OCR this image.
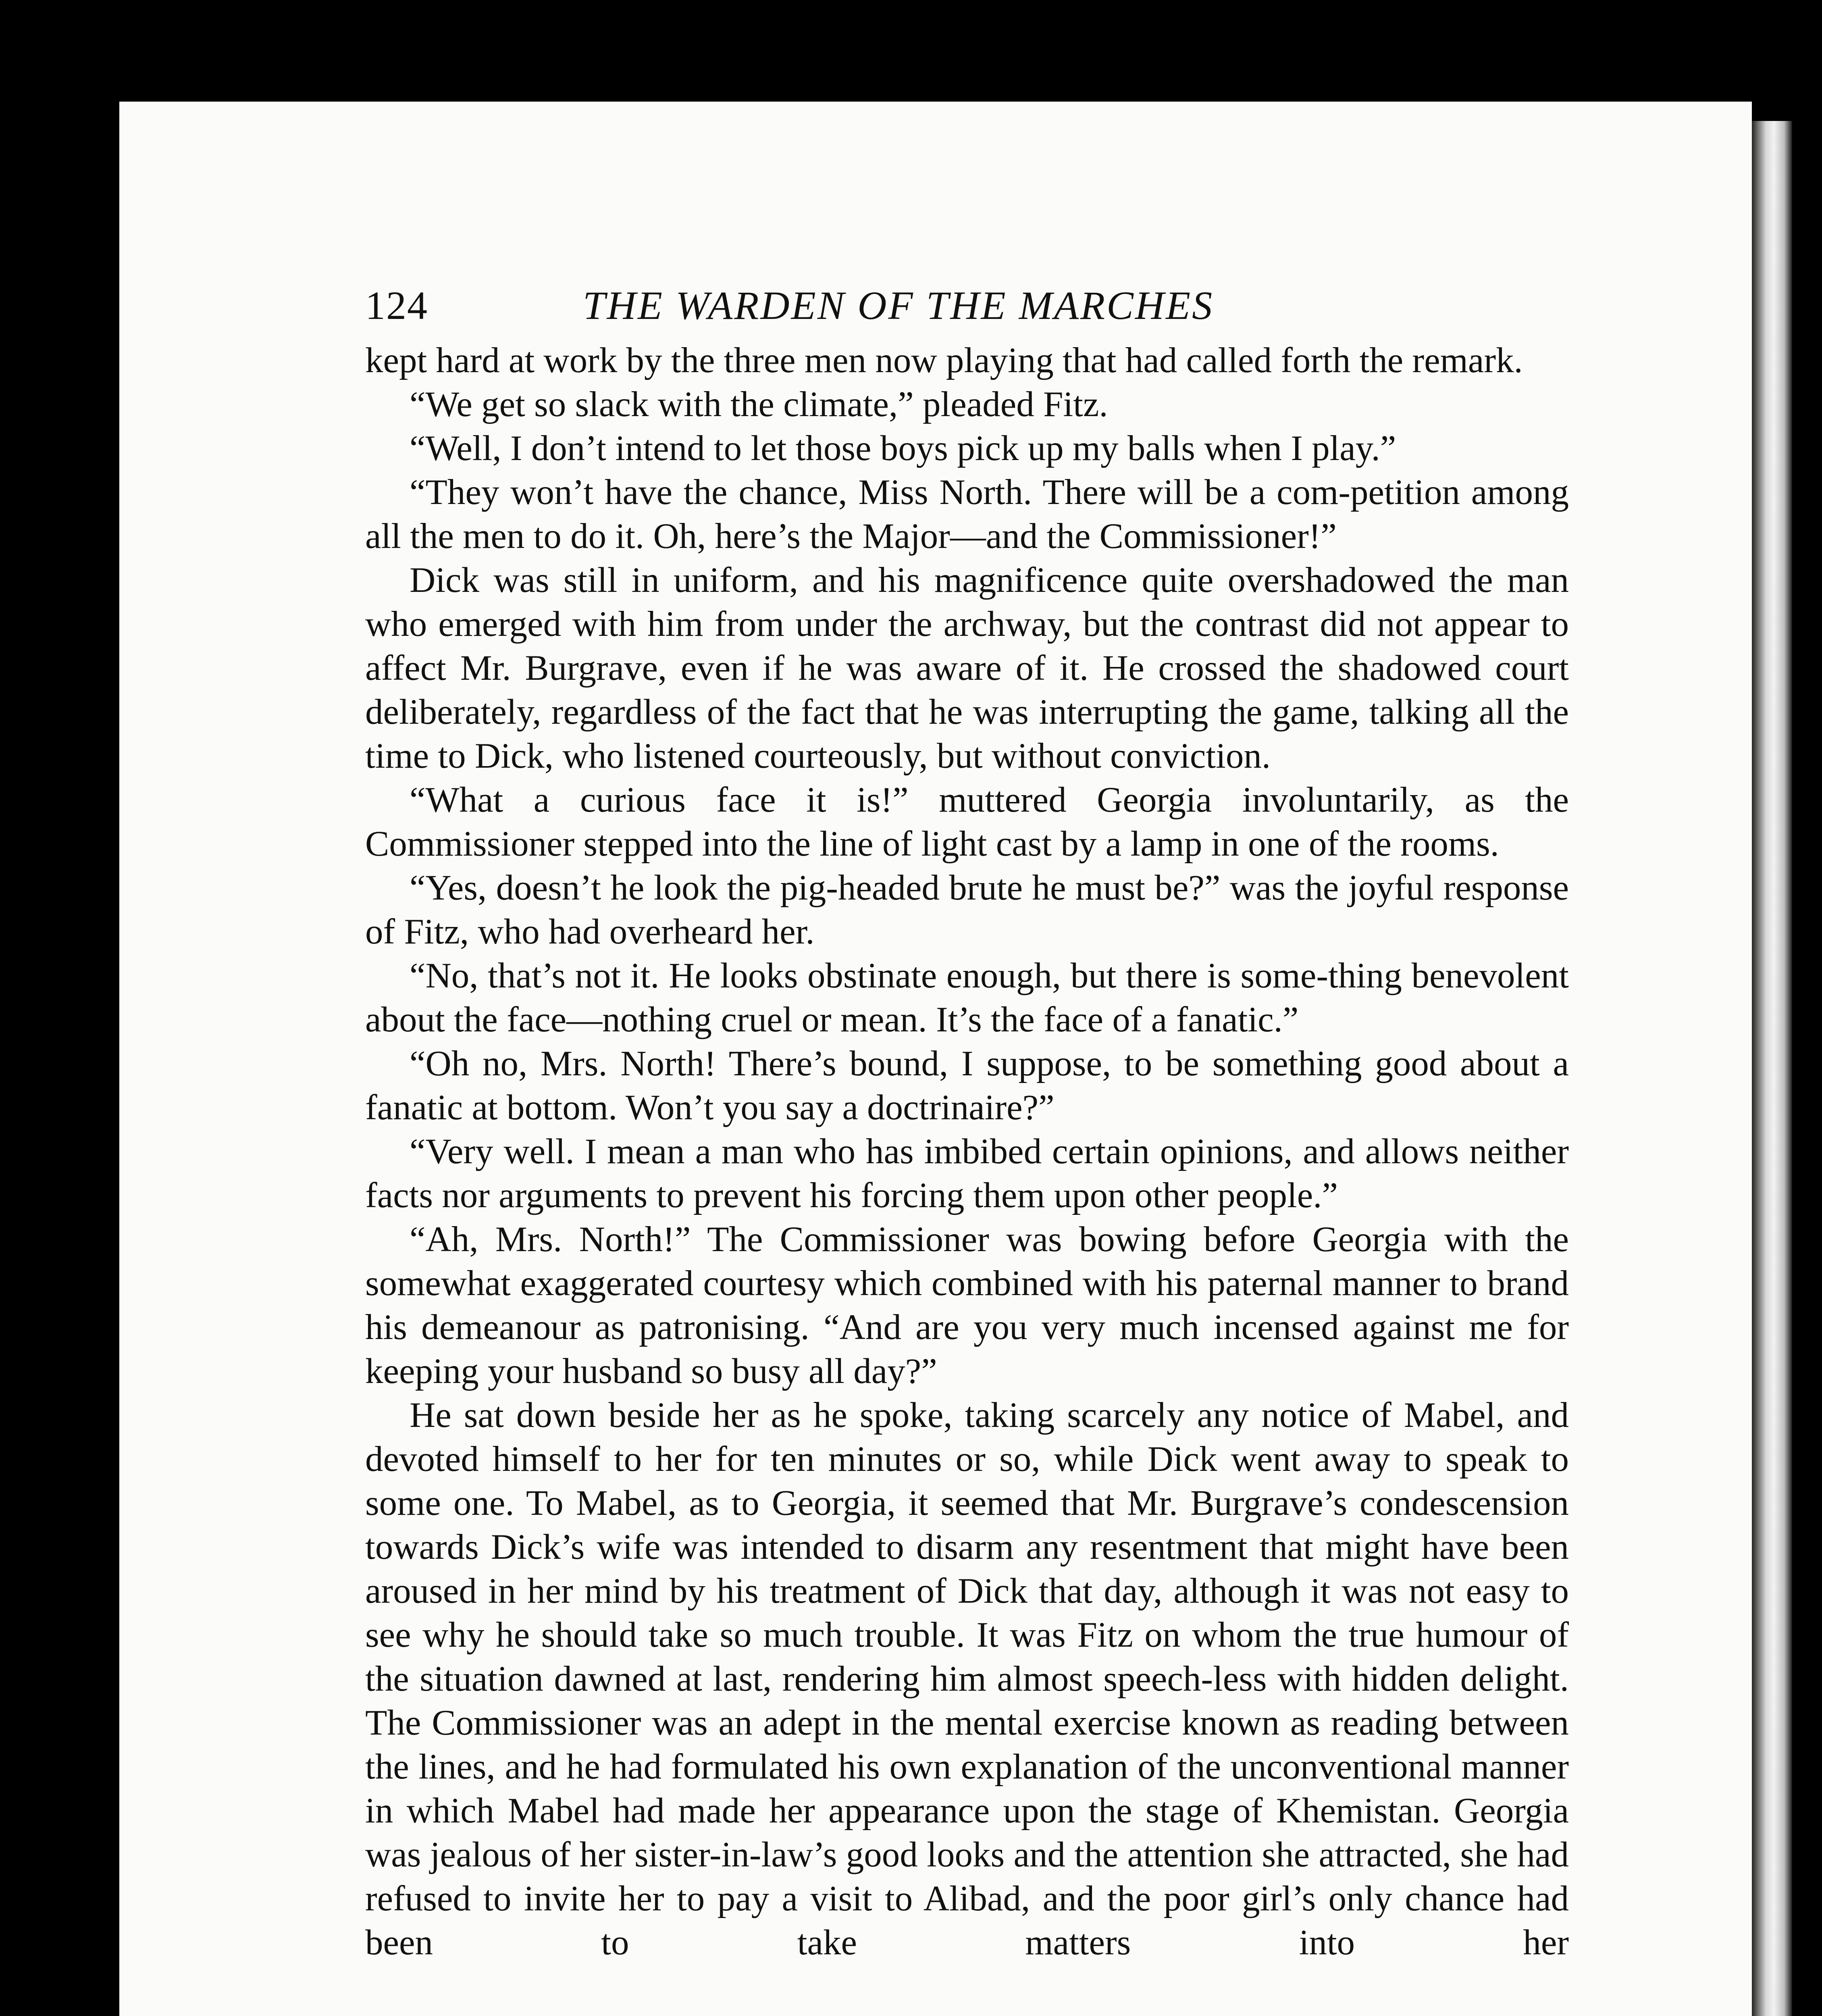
124	THE WARDEN OF THE MARCHES

kept hard at work by the three men now playing that had called forth the remark.

“We get so slack with the climate,” pleaded Fitz.

“Well, I don’t intend to let those boys pick up my balls when I play.”

“They won’t have the chance, Miss North. There will be a com-petition among all the men to do it. Oh, here’s the Major—and the Commissioner!”

Dick was still in uniform, and his magnificence quite overshadowed the man who emerged with him from under the archway, but the contrast did not appear to affect Mr. Burgrave, even if he was aware of it. He crossed the shadowed court deliberately, regardless of the fact that he was interrupting the game, talking all the time to Dick, who listened courteously, but without conviction.

“What a curious face it is!” muttered Georgia involuntarily, as the Commissioner stepped into the line of light cast by a lamp in one of the rooms.

“Yes, doesn’t he look the pig-headed brute he must be?” was the joyful response of Fitz, who had overheard her.

“No, that’s not it. He looks obstinate enough, but there is some-thing benevolent about the face—nothing cruel or mean. It’s the face of a fanatic.”

“Oh no, Mrs. North! There’s bound, I suppose, to be something good about a fanatic at bottom. Won’t you say a doctrinaire?”

“Very well. I mean a man who has imbibed certain opinions, and allows neither facts nor arguments to prevent his forcing them upon other people.”

“Ah, Mrs. North!” The Commissioner was bowing before Georgia with the somewhat exaggerated courtesy which combined with his paternal manner to brand his demeanour as patronising. “And are you very much incensed against me for keeping your husband so busy all day?”

He sat down beside her as he spoke, taking scarcely any notice of Mabel, and devoted himself to her for ten minutes or so, while Dick went away to speak to some one. To Mabel, as to Georgia, it seemed that Mr. Burgrave’s condescension towards Dick’s wife was intended to disarm any resentment that might have been aroused in her mind by his treatment of Dick that day, although it was not easy to see why he should take so much trouble. It was Fitz on whom the true humour of the situation dawned at last, rendering him almost speech-less with hidden delight. The Commissioner was an adept in the mental exercise known as reading between the lines, and he had formulated his own explanation of the unconventional manner in which Mabel had made her appearance upon the stage of Khemistan. Georgia was jealous of her sister-in-law’s good looks and the attention she attracted, she had refused to invite her to pay a visit to Alibad, and the poor girl’s only chance had been to take matters into her
